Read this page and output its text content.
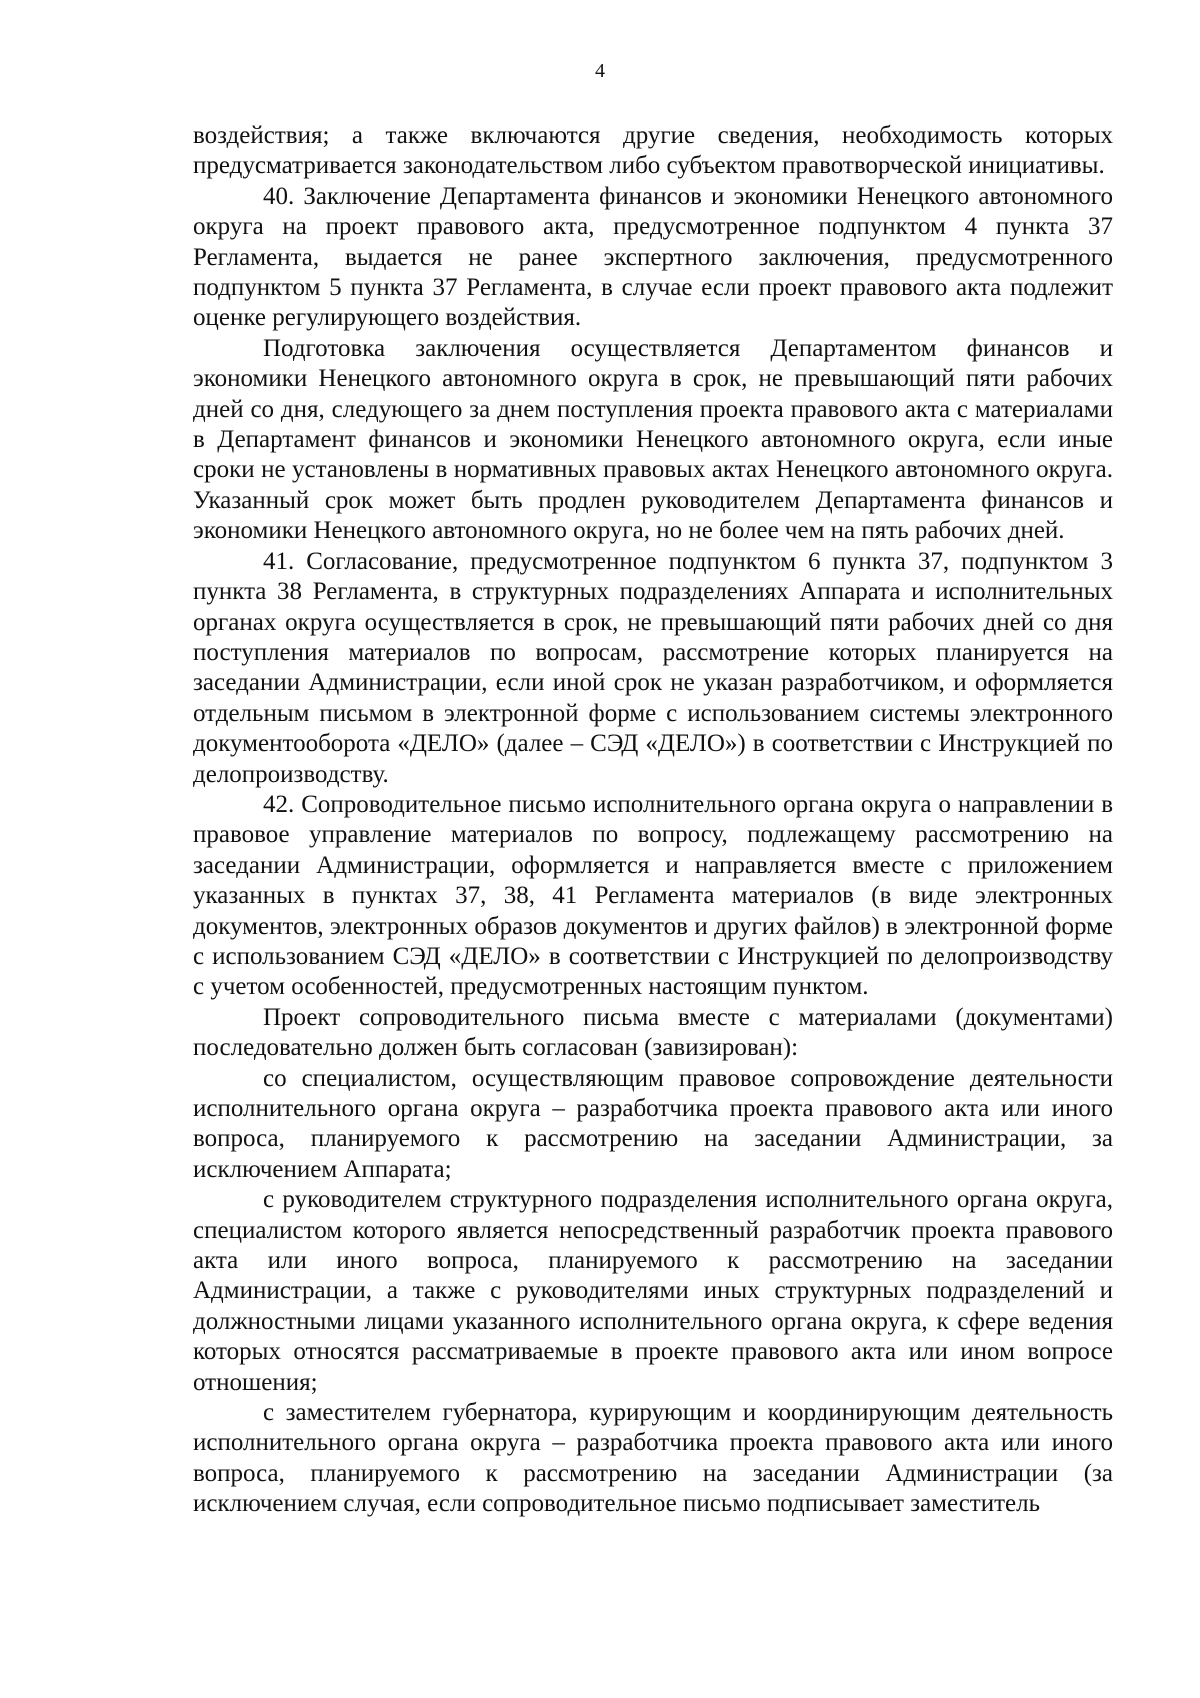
4

воздействия; а также включаются другие сведения, необходимость которых предусматривается законодательством либо субъектом правотворческой инициативы.

40. Заключение Департамента финансов и экономики Ненецкого автономного округа на проект правового акта, предусмотренное подпунктом 4 пункта 37 Регламента, выдается не ранее экспертного заключения, предусмотренного подпунктом 5 пункта 37 Регламента, в случае если проект правового акта подлежит оценке регулирующего воздействия.

Подготовка заключения осуществляется Департаментом финансов и экономики Ненецкого автономного округа в срок, не превышающий пяти рабочих дней со дня, следующего за днем поступления проекта правового акта с материалами в Департамент финансов и экономики Ненецкого автономного округа, если иные сроки не установлены в нормативных правовых актах Ненецкого автономного округа. Указанный срок может быть продлен руководителем Департамента финансов и экономики Ненецкого автономного округа, но не более чем на пять рабочих дней.

41. Согласование, предусмотренное подпунктом 6 пункта 37, подпунктом 3 пункта 38 Регламента, в структурных подразделениях Аппарата и исполнительных органах округа осуществляется в срок, не превышающий пяти рабочих дней со дня поступления материалов по вопросам, рассмотрение которых планируется на заседании Администрации, если иной срок не указан разработчиком, и оформляется отдельным письмом в электронной форме с использованием системы электронного документооборота «ДЕЛО» (далее – СЭД «ДЕЛО») в соответствии с Инструкцией по делопроизводству.

42. Сопроводительное письмо исполнительного органа округа о направлении в правовое управление материалов по вопросу, подлежащему рассмотрению на заседании Администрации, оформляется и направляется вместе с приложением указанных в пунктах 37, 38, 41 Регламента материалов (в виде электронных документов, электронных образов документов и других файлов) в электронной форме с использованием СЭД «ДЕЛО» в соответствии с Инструкцией по делопроизводству с учетом особенностей, предусмотренных настоящим пунктом.

Проект сопроводительного письма вместе с материалами (документами) последовательно должен быть согласован (завизирован):

со специалистом, осуществляющим правовое сопровождение деятельности исполнительного органа округа – разработчика проекта правового акта или иного вопроса, планируемого к рассмотрению на заседании Администрации, за исключением Аппарата;

с руководителем структурного подразделения исполнительного органа округа, специалистом которого является непосредственный разработчик проекта правового акта или иного вопроса, планируемого к рассмотрению на заседании Администрации, а также с руководителями иных структурных подразделений и должностными лицами указанного исполнительного органа округа, к сфере ведения которых относятся рассматриваемые в проекте правового акта или ином вопросе отношения;

с заместителем губернатора, курирующим и координирующим деятельность исполнительного органа округа – разработчика проекта правового акта или иного вопроса, планируемого к рассмотрению на заседании Администрации (за исключением случая, если сопроводительное письмо подписывает заместитель
